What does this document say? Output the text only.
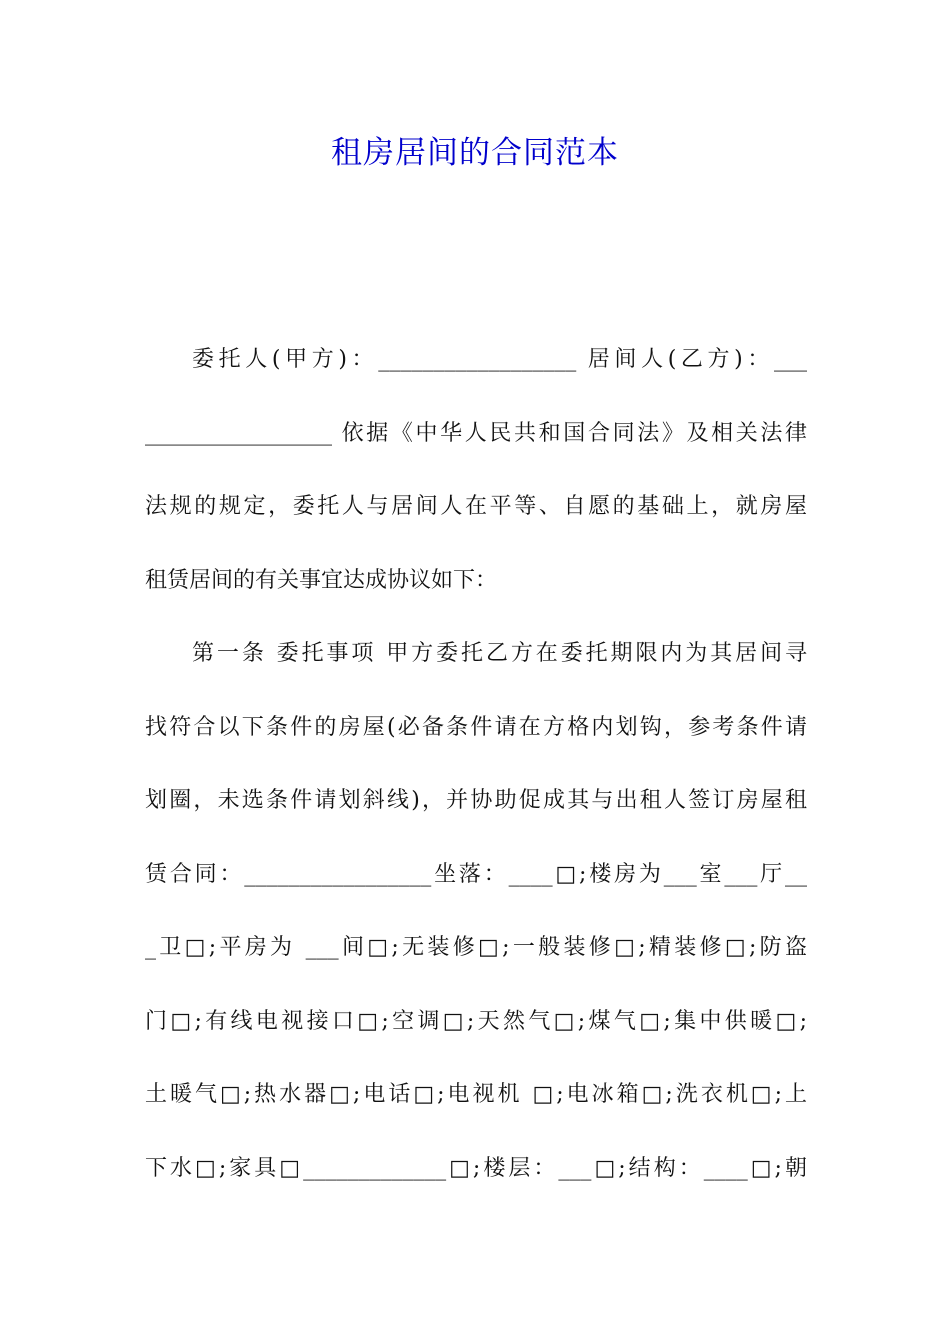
租房居间的合同范本
委托人(甲方)：__________________ 居间人(乙方)：___
_________________ 依据《中华人民共和国合同法》及相关法律
法规的规定，委托人与居间人在平等、自愿的基础上，就房屋
租赁居间的有关事宜达成协议如下：
第一条 委托事项 甲方委托乙方在委托期限内为其居间寻
找符合以下条件的房屋(必备条件请在方格内划钩，参考条件请
划圈，未选条件请划斜线)，并协助促成其与出租人签订房屋租
赁合同：_________________坐落：____□;楼房为___室___厅__
_卫□;平房为 ___间□;无装修□;一般装修□;精装修□;防盗
门□;有线电视接口□;空调□;天然气□;煤气□;集中供暖□;
土暖气□;热水器□;电话□;电视机 □;电冰箱□;洗衣机□;上
下水□;家具□_____________□;楼层：___□;结构：____□;朝
